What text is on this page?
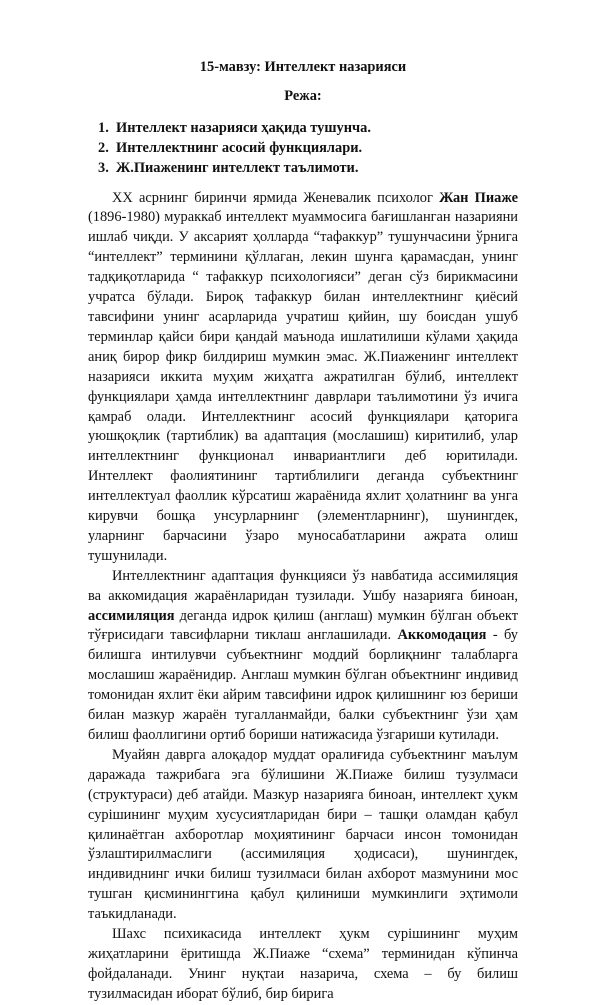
15-мавзу: Интеллект назарияси
Режа:
1. Интеллект назарияси ҳақида тушунча.
2. Интеллектнинг асосий функциялари.
3. Ж.Пиаженинг интеллект таълимоти.

XX асрнинг биринчи ярмида Женевалик психолог Жан Пиаже (1896-1980) мураккаб интеллект муаммосига бағишланган назарияни ишлаб чиқди. У аксарият ҳолларда “тафаккур” тушунчасини ўрнига “интеллект” терминини қўллаган, лекин шунга қарамасдан, унинг тадқиқотларида “ тафаккур психологияси” деган сўз бирикмасини учратса бўлади. Бироқ тафаккур билан интеллектнинг қиёсий тавсифини унинг асарларида учратиш қийин, шу боисдан ушуб терминлар қайси бири қандай маънода ишлатилиши кўлами ҳақида аниқ бирор фикр билдириш мумкин эмас. Ж.Пиаженинг интеллект назарияси иккита муҳим жиҳатга ажратилган бўлиб, интеллект функциялари ҳамда интеллектнинг даврлари таълимотини ўз ичига қамраб олади. Интеллектнинг асосий функциялари қаторига уюшқоқлик (тартиблик) ва адаптация (мослашиш) киритилиб, улар интеллектнинг функционал инвариантлиги деб юритилади. Интеллект фаолиятининг тартиблилиги деганда субъектнинг интеллектуал фаоллик кўрсатиш жараёнида яхлит ҳолатнинг ва унга кирувчи бошқа унсурларнинг (элементларнинг), шунингдек, уларнинг барчасини ўзаро муносабатларини ажрата олиш тушунилади.

Интеллектнинг адаптация функцияси ўз навбатида ассимиляция ва аккомидация жараёнларидан тузилади. Ушбу назарияга биноан, ассимиляция деганда идрок қилиш (англаш) мумкин бўлган объект тўғрисидаги тавсифларни тиклаш англашилади. Аккомодация - бу билишга интилувчи субъектнинг моддий борлиқнинг талабларга мослашиш жараёнидир. Англаш мумкин бўлган объектнинг индивид томонидан яхлит ёки айрим тавсифини идрок қилишнинг юз бериши билан мазкур жараён тугалланмайди, балки субъектнинг ўзи ҳам билиш фаоллигини ортиб бориши натижасида ўзгариши кутилади.

Муайян даврга алоқадор муддат оралиғида субъектнинг маълум даражада тажрибага эга бўлишини Ж.Пиаже билиш тузулмаси (структураси) деб атайди. Мазкур назарияга биноан, интеллект ҳукм сурішининг муҳим хусусиятларидан бири – ташқи оламдан қабул қилинаётган ахборотлар моҳиятининг барчаси инсон томонидан ўзлаштирилмаслиги (ассимиляция ҳодисаси), шунингдек, индивиднинг ички билиш тузилмаси билан ахборот мазмунини мос тушган қисмининггина қабул қилиниши мумкинлиги эҳтимоли таъкидланади.

Шахс психикасида интеллект ҳукм сурішининг муҳим жиҳатларини ёритишда Ж.Пиаже “схема” терминидан кўпинча фойдаланади. Унинг нуқтаи назарича, схема – бу билиш тузилмасидан иборат бўлиб, бир бирига
